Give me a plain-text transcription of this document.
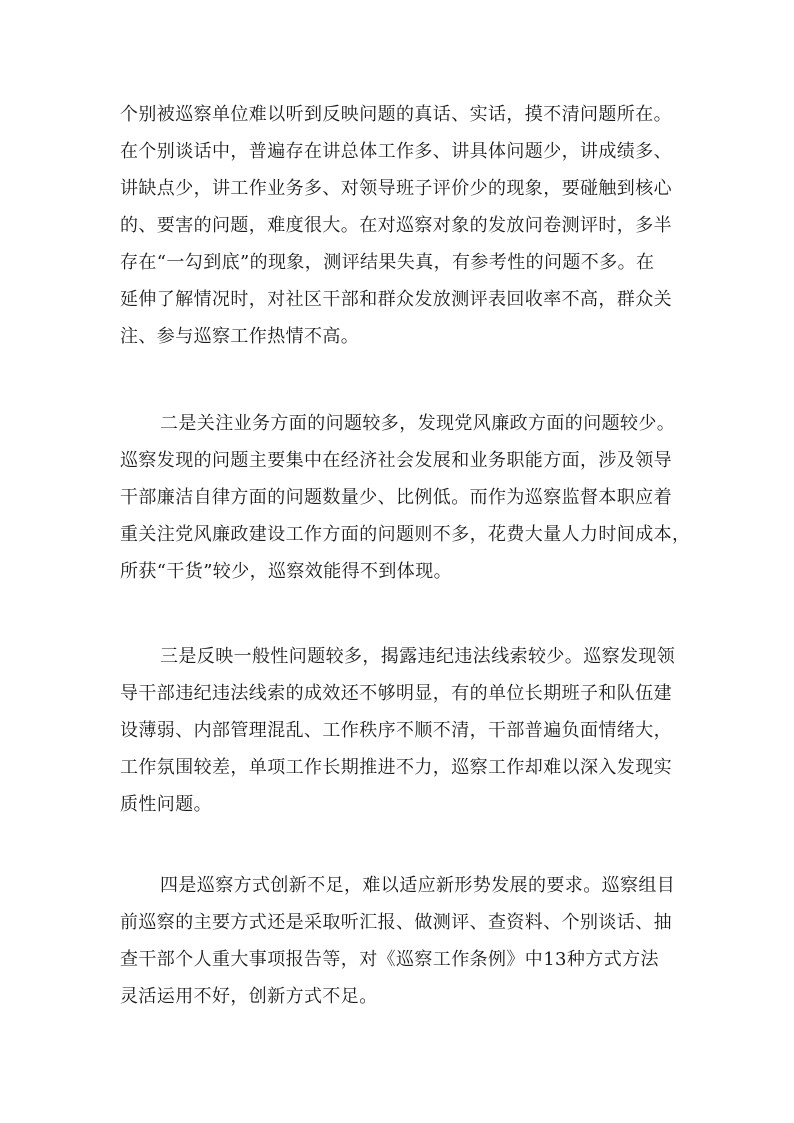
个别被巡察单位难以听到反映问题的真话、实话，摸不清问题所在。
在个别谈话中，普遍存在讲总体工作多、讲具体问题少，讲成绩多、
讲缺点少，讲工作业务多、对领导班子评价少的现象，要碰触到核心
的、要害的问题，难度很大。在对巡察对象的发放问卷测评时，多半
存在“一勾到底”的现象，测评结果失真，有参考性的问题不多。在
延伸了解情况时，对社区干部和群众发放测评表回收率不高，群众关
注、参与巡察工作热情不高。
二是关注业务方面的问题较多，发现党风廉政方面的问题较少。
巡察发现的问题主要集中在经济社会发展和业务职能方面，涉及领导
干部廉洁自律方面的问题数量少、比例低。而作为巡察监督本职应着
重关注党风廉政建设工作方面的问题则不多，花费大量人力时间成本，
所获“干货”较少，巡察效能得不到体现。
三是反映一般性问题较多，揭露违纪违法线索较少。巡察发现领
导干部违纪违法线索的成效还不够明显，有的单位长期班子和队伍建
设薄弱、内部管理混乱、工作秩序不顺不清，干部普遍负面情绪大，
工作氛围较差，单项工作长期推进不力，巡察工作却难以深入发现实
质性问题。
四是巡察方式创新不足，难以适应新形势发展的要求。巡察组目
前巡察的主要方式还是采取听汇报、做测评、查资料、个别谈话、抽
查干部个人重大事项报告等，对《巡察工作条例》中13种方式方法
灵活运用不好，创新方式不足。
